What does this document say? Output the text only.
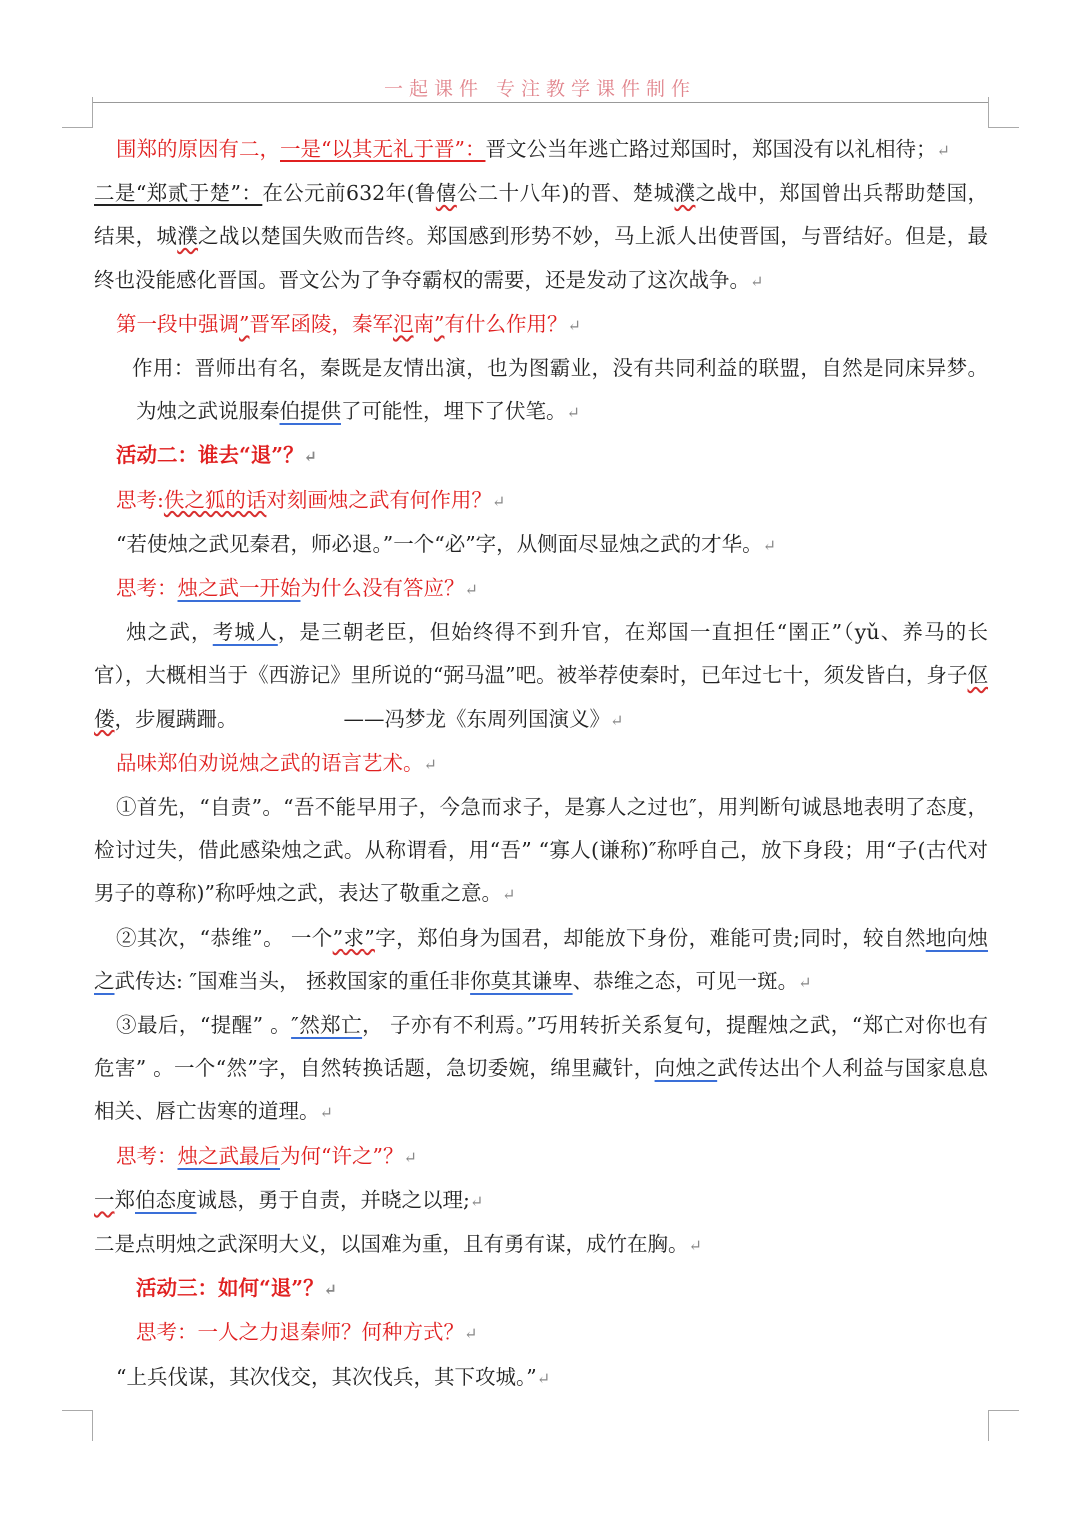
一起课件 专注教学课件制作

围郑的原因有二，一是“以其无礼于晋”：晋文公当年逃亡路过郑国时，郑国没有以礼相待；↵

二是“郑贰于楚”：在公元前632年(鲁僖公二十八年)的晋、楚城濮之战中，郑国曾出兵帮助楚国，结果，城濮之战以楚国失败而告终。郑国感到形势不妙，马上派人出使晋国，与晋结好。但是，最终也没能感化晋国。晋文公为了争夺霸权的需要，还是发动了这次战争。↵

第一段中强调”晋军函陵，秦军氾南”有什么作用？↵

作用：晋师出有名，秦既是友情出演，也为图霸业，没有共同利益的联盟，自然是同床异梦。为烛之武说服秦伯提供了可能性，埋下了伏笔。↵

活动二：谁去“退”？↵

思考:佚之狐的话对刻画烛之武有何作用？↵

“若使烛之武见秦君，师必退。”一个“必”字，从侧面尽显烛之武的才华。↵

思考：烛之武一开始为什么没有答应？↵

烛之武，考城人，是三朝老臣，但始终得不到升官，在郑国一直担任“圉正”（yǔ、养马的长官），大概相当于《西游记》里所说的“弼马温”吧。被举荐使秦时，已年过七十，须发皆白，身子伛偻，步履蹒跚。	——冯梦龙《东周列国演义》↵

品味郑伯劝说烛之武的语言艺术。↵

①首先，“自责”。“吾不能早用子，今急而求子，是寡人之过也″，用判断句诚恳地表明了态度，检讨过失，借此感染烛之武。从称谓看，用“吾” “寡人(谦称)″称呼自己，放下身段；用“子(古代对男子的尊称)”称呼烛之武，表达了敬重之意。↵

②其次，“恭维”。 一个”求”字，郑伯身为国君，却能放下身份，难能可贵;同时，较自然地向烛之武传达: ″国难当头， 拯救国家的重任非你莫其谦卑、恭维之态，可见一斑。↵

③最后，“提醒” 。″然郑亡， 子亦有不利焉。”巧用转折关系复句，提醒烛之武，“郑亡对你也有危害” 。一个“然”字，自然转换话题，急切委婉，绵里藏针，向烛之武传达出个人利益与国家息息相关、唇亡齿寒的道理。↵

思考：烛之武最后为何“许之”？↵

一郑伯态度诚恳，勇于自责，并晓之以理;↵

二是点明烛之武深明大义，以国难为重，且有勇有谋，成竹在胸。↵

活动三：如何“退”？↵

思考：一人之力退秦师？何种方式？↵

“上兵伐谋，其次伐交，其次伐兵，其下攻城。”↵
